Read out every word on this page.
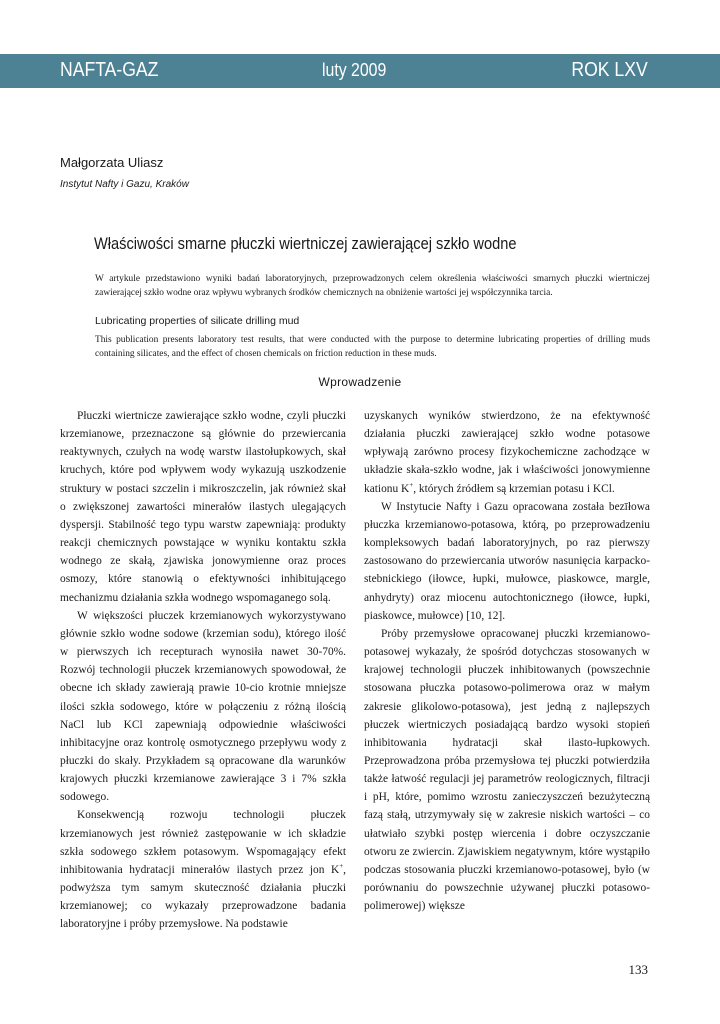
NAFTA-GAZ	luty 2009	ROK LXV
Małgorzata Uliasz
Instytut Nafty i Gazu, Kraków
Właściwości smarne płuczki wiertniczej zawierającej szkło wodne
W artykule przedstawiono wyniki badań laboratoryjnych, przeprowadzonych celem określenia właściwości smarnych płuczki wiertniczej zawierającej szkło wodne oraz wpływu wybranych środków chemicznych na obniżenie wartości jej współczynnika tarcia.
Lubricating properties of silicate drilling mud
This publication presents laboratory test results, that were conducted with the purpose to determine lubricating properties of drilling muds containing silicates, and the effect of chosen chemicals on friction reduction in these muds.
Wprowadzenie

Płuczki wiertnicze zawierające szkło wodne, czyli płuczki krzemianowe, przeznaczone są głównie do przewiercania reaktywnych, czułych na wodę warstw ilastołupkowych, skał kruchych, które pod wpływem wody wykazują uszkodzenie struktury w postaci szczelin i mikroszczelin, jak również skał o zwiększonej zawartości minerałów ilastych ulegających dyspersji. Stabilność tego typu warstw zapewniają: produkty reakcji chemicznych powstające w wyniku kontaktu szkła wodnego ze skałą, zjawiska jonowymienne oraz proces osmozy, które stanowią o efektywności inhibitującego mechanizmu działania szkła wodnego wspomaganego solą.

W większości płuczek krzemianowych wykorzystywano głównie szkło wodne sodowe (krzemian sodu), którego ilość w pierwszych ich recepturach wynosiła nawet 30-70%. Rozwój technologii płuczek krzemianowych spowodował, że obecne ich składy zawierają prawie 10-cio krotnie mniejsze ilości szkła sodowego, które w połączeniu z różną ilością NaCl lub KCl zapewniają odpowiednie właściwości inhibitacyjne oraz kontrolę osmotycznego przepływu wody z płuczki do skały. Przykładem są opracowane dla warunków krajowych płuczki krzemianowe zawierające 3 i 7% szkła sodowego.

Konsekwencją rozwoju technologii płuczek krzemianowych jest również zastępowanie w ich składzie szkła sodowego szkłem potasowym. Wspomagający efekt inhibitowania hydratacji minerałów ilastych przez jon K+, podwyższa tym samym skuteczność działania płuczki krzemianowej; co wykazały przeprowadzone badania laboratoryjne i próby przemysłowe. Na podstawie

uzyskanych wyników stwierdzono, że na efektywność działania płuczki zawierającej szkło wodne potasowe wpływają zarówno procesy fizykochemiczne zachodzące w układzie skała-szkło wodne, jak i właściwości jonowymienne kationu K+, których źródłem są krzemian potasu i KCl.

W Instytucie Nafty i Gazu opracowana została bezīłowa płuczka krzemianowo-potasowa, którą, po przeprowadzeniu kompleksowych badań laboratoryjnych, po raz pierwszy zastosowano do przewiercania utworów nasunięcia karpacko-stebnickiego (iłowce, łupki, mułowce, piaskowce, margle, anhydryty) oraz miocenu autochtonicznego (iłowce, łupki, piaskowce, mułowce) [10, 12].

Próby przemysłowe opracowanej płuczki krzemianowo-potasowej wykazały, że spośród dotychczas stosowanych w krajowej technologii płuczek inhibitowanych (powszechnie stosowana płuczka potasowo-polimerowa oraz w małym zakresie glikolowo-potasowa), jest jedną z najlepszych płuczek wiertniczych posiadającą bardzo wysoki stopień inhibitowania hydratacji skał ilasto-łupkowych. Przeprowadzona próba przemysłowa tej płuczki potwierdziła także łatwość regulacji jej parametrów reologicznych, filtracji i pH, które, pomimo wzrostu zanieczyszczeń bezużyteczną fazą stałą, utrzymywały się w zakresie niskich wartości – co ułatwiało szybki postęp wiercenia i dobre oczyszczanie otworu ze zwiercin. Zjawiskiem negatywnym, które wystąpiło podczas stosowania płuczki krzemianowo-potasowej, było (w porównaniu do powszechnie używanej płuczki potasowo-polimerowej) większe

133
